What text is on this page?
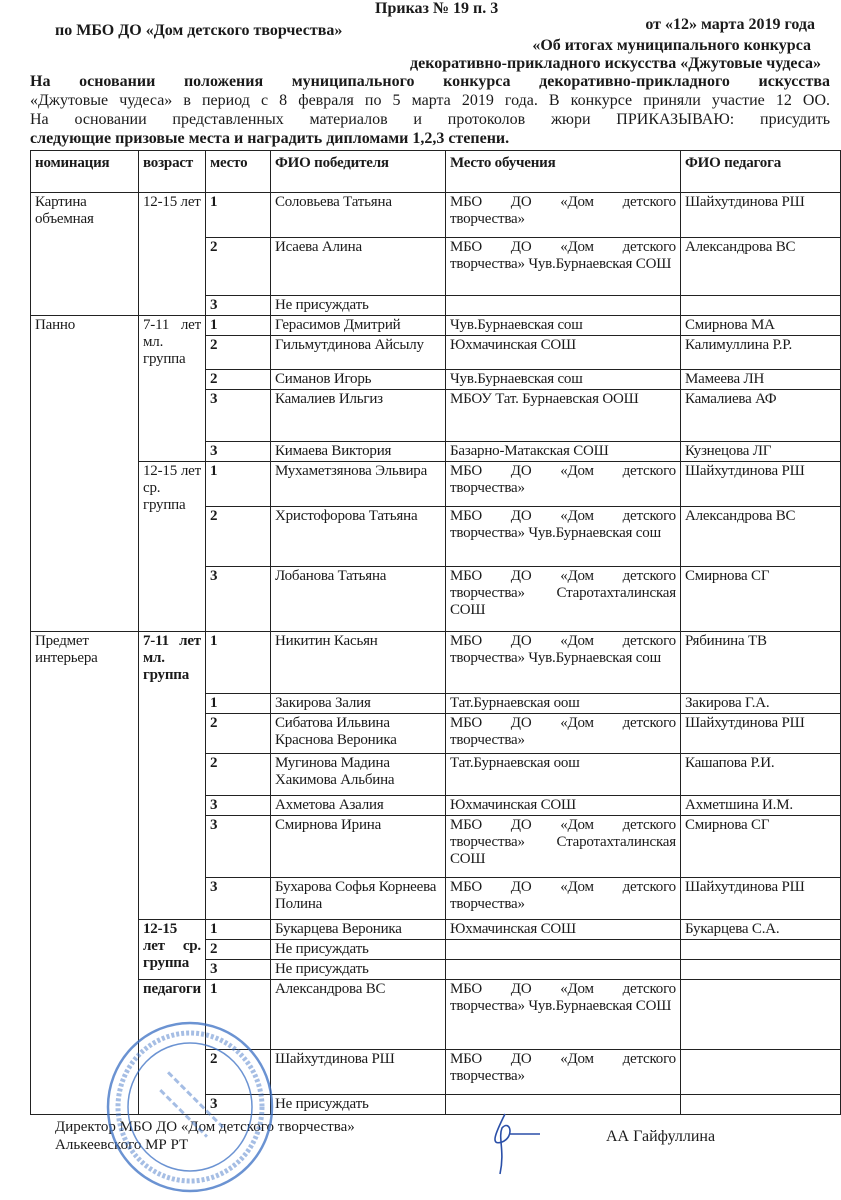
Приказ № 19 п. 3
от «12» марта 2019 года
по МБО ДО «Дом детского творчества»
«Об итогах муниципального конкурса
декоративно-прикладного искусства «Джутовые чудеса»
На основании положения муниципального конкурса декоративно-прикладного искусства
«Джутовые чудеса» в период с 8 февраля по 5 марта 2019 года. В конкурсе приняли участие 12 ОО.
На основании представленных материалов и протоколов жюри ПРИКАЗЫВАЮ: присудить
следующие призовые места и наградить дипломами 1,2,3 степени.
номинация	возраст	место	ФИО победителя	Место обучения	ФИО педагога
Картина объемная	12-15 лет	1	Соловьева Татьяна	МБО ДО «Дом детского творчества»	Шайхутдинова РШ
		2	Исаева Алина	МБО ДО «Дом детского творчества» Чув.Бурнаевская СОШ	Александрова ВС
		3	Не присуждать		
Панно	7-11 лет мл. группа	1	Герасимов Дмитрий	Чув.Бурнаевская сош	Смирнова МА
		2	Гильмутдинова Айсылу	Юхмачинская СОШ	Калимуллина Р.Р.
		2	Симанов Игорь	Чув.Бурнаевская сош	Мамеева ЛН
		3	Камалиев Ильгиз	МБОУ Тат. Бурнаевская ООШ	Камалиева АФ
		3	Кимаева Виктория	Базарно-Матакская СОШ	Кузнецова ЛГ
	12-15 лет ср. группа	1	Мухаметзянова Эльвира	МБО ДО «Дом детского творчества»	Шайхутдинова РШ
		2	Христофорова Татьяна	МБО ДО «Дом детского творчества» Чув.Бурнаевская сош	Александрова ВС
		3	Лобанова Татьяна	МБО ДО «Дом детского творчества» Старотахталинская СОШ	Смирнова СГ
Предмет интерьера	7-11 лет мл. группа	1	Никитин Касьян	МБО ДО «Дом детского творчества» Чув.Бурнаевская сош	Рябинина ТВ
		1	Закирова Залия	Тат.Бурнаевская оош	Закирова Г.А.
		2	Сибатова Ильвина Краснова Вероника	МБО ДО «Дом детского творчества»	Шайхутдинова РШ
		2	Мугинова Мадина Хакимова Альбина	Тат.Бурнаевская оош	Кашапова Р.И.
		3	Ахметова Азалия	Юхмачинская СОШ	Ахметшина И.М.
		3	Смирнова Ирина	МБО ДО «Дом детского творчества» Старотахталинская СОШ	Смирнова СГ
		3	Бухарова Софья Корнеева Полина	МБО ДО «Дом детского творчества»	Шайхутдинова РШ
	12-15 лет ср. группа	1	Букарцева Вероника	Юхмачинская СОШ	Букарцева С.А.
		2	Не присуждать		
		3	Не присуждать		
	педагоги	1	Александрова ВС	МБО ДО «Дом детского творчества» Чув.Бурнаевская СОШ	
		2	Шайхутдинова РШ	МБО ДО «Дом детского творчества»	
		3	Не присуждать		
Директор МБО ДО «Дом детского творчества»
Алькеевского МР РТ	АА Гайфуллина
